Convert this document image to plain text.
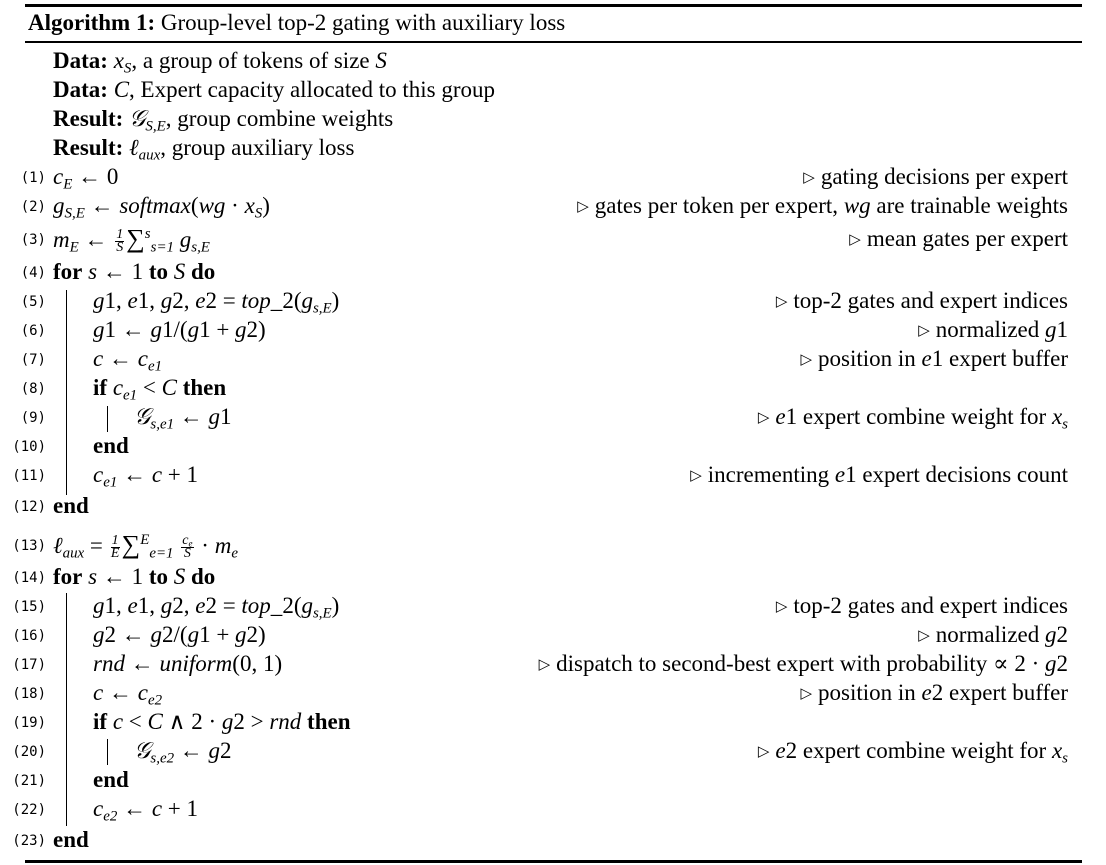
Algorithm 1: Group-level top-2 gating with auxiliary loss
Data: $x_S$, a group of tokens of size S
Data: C, Expert capacity allocated to this group
Result: 𝒢$_{S,E}$, group combine weights
Result: ℓ$_{aux}$, group auxiliary loss
(1) $c_E$ ← 0	▷ gating decisions per expert
(2) $g_{S,E}$ ← softmax(wg · $x_S$)	▷ gates per token per expert, wg are trainable weights
(3) $m_E$ ← $\frac{1}{S} \sum^s_{s=1}$ $g_{s,E}$	▷ mean gates per expert
(4) for s ← 1 to S do
(5) g1, e1, g2, $e2 = top\_2(g_{s,E})$	▷ top-2 gates and expert indices
(6) g1 ← g1/(g1 + g2)	▷ normalized g1
(7) c ← $c_{e1}$	▷ position in e1 expert buffer
(8) if $c_{e1} < C$ then
(9)	𝒢$_{s,e1}$ ← g1	▷ e1 expert combine weight for $x_s$
(10) end
(11) $c_{e1}$ ← c + 1	▷ incrementing e1 expert decisions count
(12) end
(13) ℓ$_{aux}$ = $\frac{1}{E} \sum^E_{e=1} \frac{c_e}{S} \cdot m_e$
(14) for s ← 1 to S do
(15) g1, e1, g2, $e2 = top\_2(g_{s,E})$	▷ top-2 gates and expert indices
(16) g2 ← g2/(g1 + g2)	▷ normalized g2
(17) rnd ← uniform(0, 1)	▷ dispatch to second-best expert with probability ∝ 2 · g2
(18) c ← $c_{e2}$	▷ position in e2 expert buffer
(19) if c < C ∧ 2 · g2 > rnd then
(20)	𝒢$_{s,e2}$ ← g2	▷ e2 expert combine weight for $x_s$
(21) end
(22) $c_{e2}$ ← c + 1
(23) end
